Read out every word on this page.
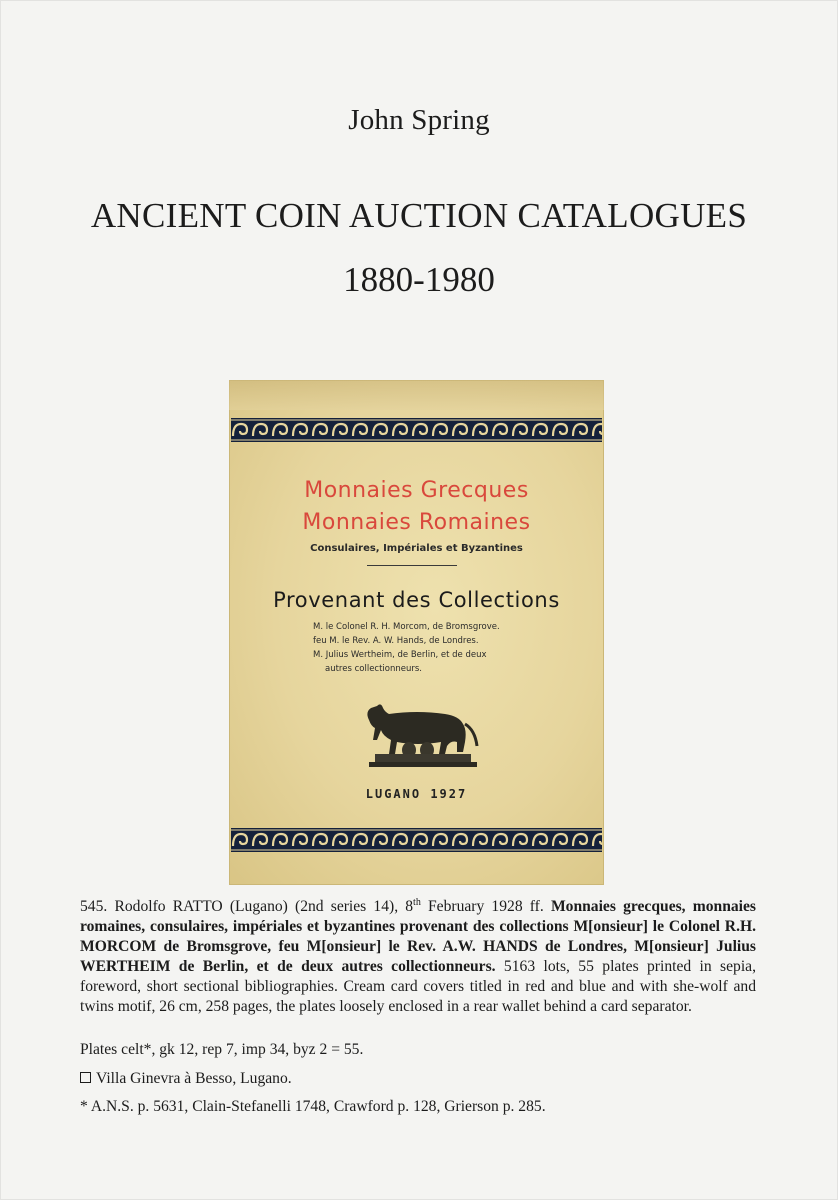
John Spring
ANCIENT COIN AUCTION CATALOGUES
1880-1980
Monnaies Grecques
Monnaies Romaines
Consulaires, Impériales et Byzantines
Provenant des Collections
M. le Colonel R. H. Morcom, de Bromsgrove.
feu M. le Rev. A. W. Hands, de Londres.
M. Julius Wertheim, de Berlin, et de deux
autres collectionneurs.
LUGANO 1927
545. Rodolfo RATTO (Lugano) (2nd series 14), 8th February 1928 ff. Monnaies grecques, monnaies romaines, consulaires, impériales et byzantines provenant des collections M[onsieur] le Colonel R.H. MORCOM de Bromsgrove, feu M[onsieur] le Rev. A.W. HANDS de Londres, M[onsieur] Julius WERTHEIM de Berlin, et de deux autres collectionneurs. 5163 lots, 55 plates printed in sepia, foreword, short sectional bibliographies. Cream card covers titled in red and blue and with she-wolf and twins motif, 26 cm, 258 pages, the plates loosely enclosed in a rear wallet behind a card separator.
Plates celt*, gk 12, rep 7, imp 34, byz 2 = 55.
Villa Ginevra à Besso, Lugano.
* A.N.S. p. 5631, Clain-Stefanelli 1748, Crawford p. 128, Grierson p. 285.
